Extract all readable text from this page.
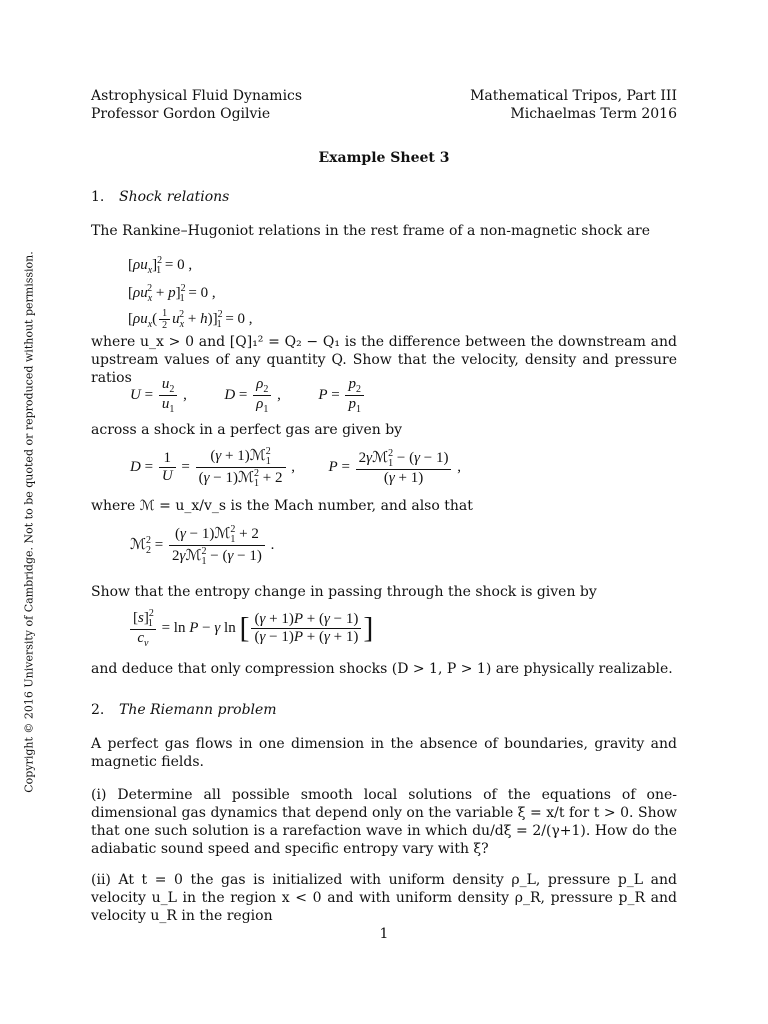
Copyright © 2016 University of Cambridge. Not to be quoted or reproduced without permission.
Astrophysical Fluid Dynamics
Professor Gordon Ogilvie
Mathematical Tripos, Part III
Michaelmas Term 2016
Example Sheet 3
1. Shock relations
The Rankine–Hugoniot relations in the rest frame of a non-magnetic shock are
$[\rho u_x]^2_1 = 0$ ,
$[\rho u_x^2 + p]^2_1 = 0$ ,
$[\rho u_x( \frac{1}{2} u_x^2 + h)]^2_1 = 0$ ,
where u_x > 0 and [Q]₁² = Q₂ − Q₁ is the difference between the downstream and upstream values of any quantity Q. Show that the velocity, density and pressure ratios
$U = \frac{u_2}{u_1}$ ,  $D = \frac{\rho_2}{\rho_1}$ ,  $P = \frac{p_2}{p_1}$
across a shock in a perfect gas are given by
$D = \frac{1}{U} = \frac{(\gamma + 1)ℳ_1^2}{(\gamma - 1)ℳ_1^2 + 2}$ ,  $P = \frac{2\gamma ℳ_1^2 - (\gamma - 1)}{(\gamma + 1)}$ ,
where ℳ = u_x/v_s is the Mach number, and also that
ℳ$_2^2$ = $\frac{(\gamma - 1)ℳ_1^2 + 2}{2\gamma ℳ_1^2 - (\gamma - 1)}$ .
Show that the entropy change in passing through the shock is given by
$\frac{[s]^2_1}{c_v} = \ln P - \gamma$ ln [ $\frac{(\gamma + 1)P + (\gamma - 1)}{(\gamma - 1)P + (\gamma + 1)}$ ]
and deduce that only compression shocks (D > 1, P > 1) are physically realizable.
2. The Riemann problem
A perfect gas flows in one dimension in the absence of boundaries, gravity and magnetic fields.
(i) Determine all possible smooth local solutions of the equations of one-dimensional gas dynamics that depend only on the variable ξ = x/t for t > 0. Show that one such solution is a rarefaction wave in which du/dξ = 2/(γ+1). How do the adiabatic sound speed and specific entropy vary with ξ?
(ii) At t = 0 the gas is initialized with uniform density ρ_L, pressure p_L and velocity u_L in the region x < 0 and with uniform density ρ_R, pressure p_R and velocity u_R in the region
1
